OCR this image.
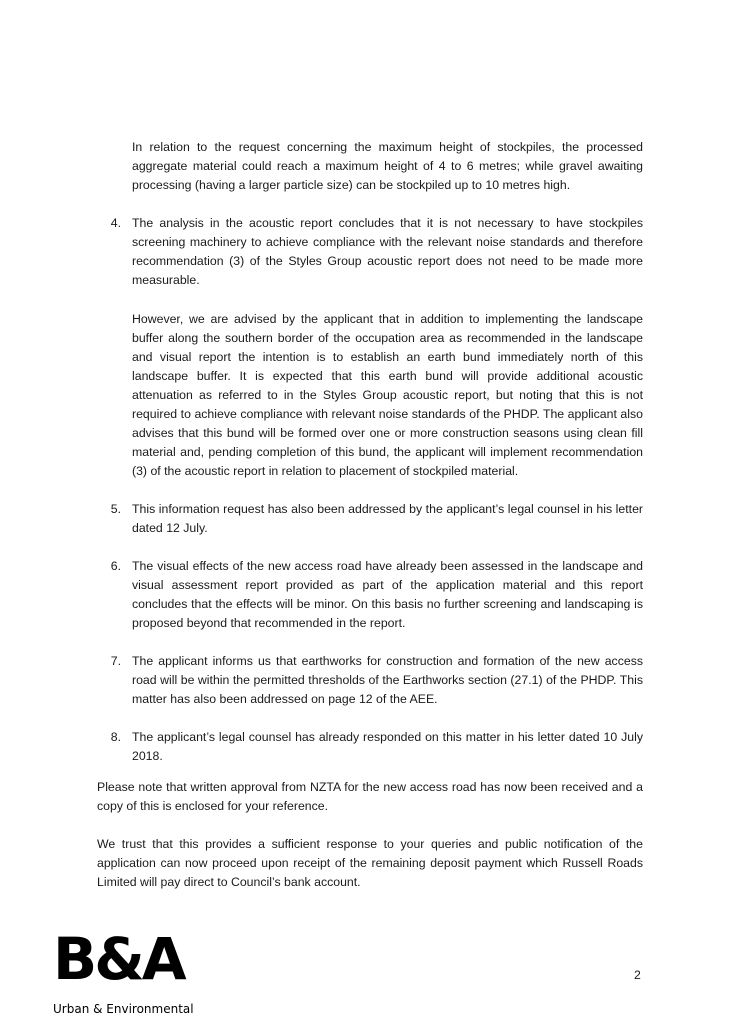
In relation to the request concerning the maximum height of stockpiles, the processed aggregate material could reach a maximum height of 4 to 6 metres; while gravel awaiting processing (having a larger particle size) can be stockpiled up to 10 metres high.

4. The analysis in the acoustic report concludes that it is not necessary to have stockpiles screening machinery to achieve compliance with the relevant noise standards and therefore recommendation (3) of the Styles Group acoustic report does not need to be made more measurable.

However, we are advised by the applicant that in addition to implementing the landscape buffer along the southern border of the occupation area as recommended in the landscape and visual report the intention is to establish an earth bund immediately north of this landscape buffer. It is expected that this earth bund will provide additional acoustic attenuation as referred to in the Styles Group acoustic report, but noting that this is not required to achieve compliance with relevant noise standards of the PHDP. The applicant also advises that this bund will be formed over one or more construction seasons using clean fill material and, pending completion of this bund, the applicant will implement recommendation (3) of the acoustic report in relation to placement of stockpiled material.

5. This information request has also been addressed by the applicant’s legal counsel in his letter dated 12 July.

6. The visual effects of the new access road have already been assessed in the landscape and visual assessment report provided as part of the application material and this report concludes that the effects will be minor. On this basis no further screening and landscaping is proposed beyond that recommended in the report.

7. The applicant informs us that earthworks for construction and formation of the new access road will be within the permitted thresholds of the Earthworks section (27.1) of the PHDP. This matter has also been addressed on page 12 of the AEE.

8. The applicant’s legal counsel has already responded on this matter in his letter dated 10 July 2018.

Please note that written approval from NZTA for the new access road has now been received and a copy of this is enclosed for your reference.

We trust that this provides a sufficient response to your queries and public notification of the application can now proceed upon receipt of the remaining deposit payment which Russell Roads Limited will pay direct to Council’s bank account.

B&A
Urban & Environmental
2
